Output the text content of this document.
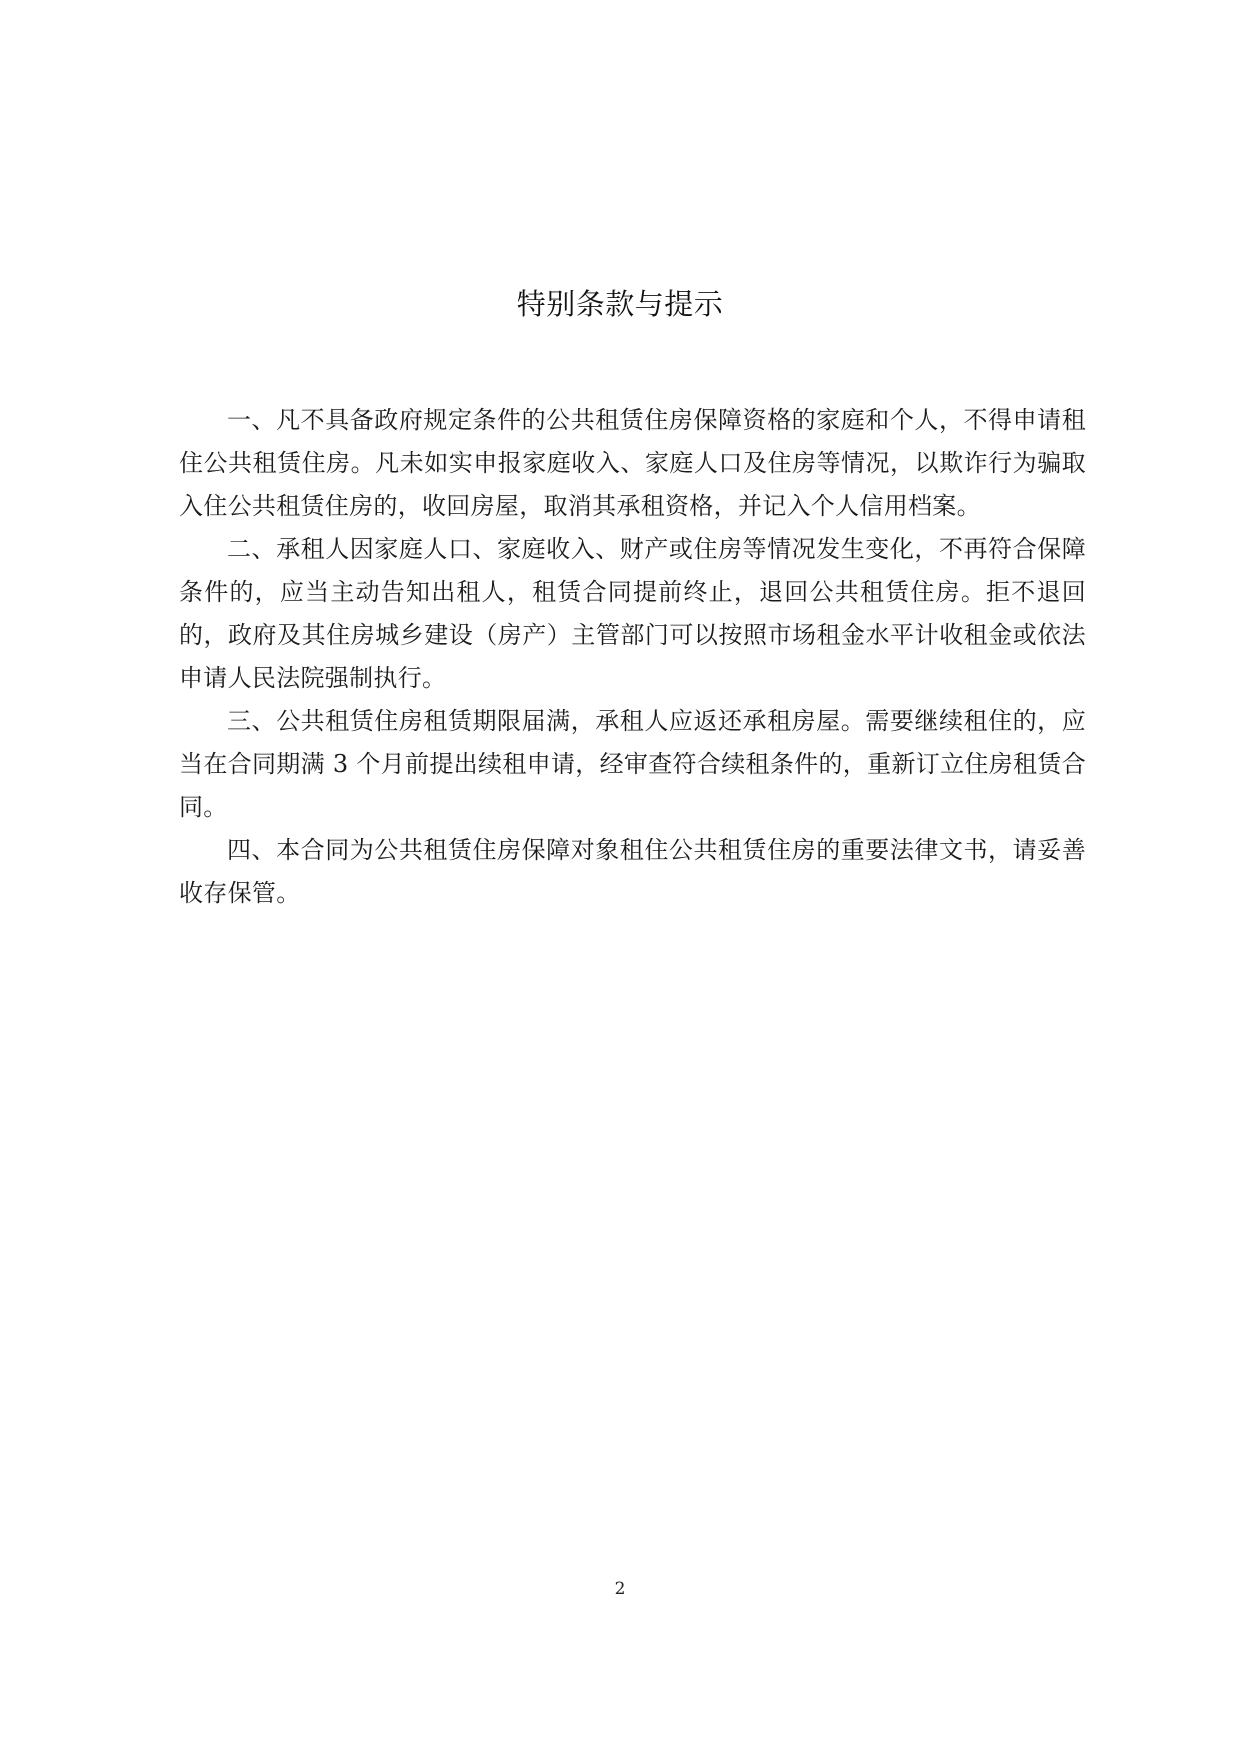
特别条款与提示

一、凡不具备政府规定条件的公共租赁住房保障资格的家庭和个人，不得申请租住公共租赁住房。凡未如实申报家庭收入、家庭人口及住房等情况，以欺诈行为骗取入住公共租赁住房的，收回房屋，取消其承租资格，并记入个人信用档案。

二、承租人因家庭人口、家庭收入、财产或住房等情况发生变化，不再符合保障条件的，应当主动告知出租人，租赁合同提前终止，退回公共租赁住房。拒不退回的，政府及其住房城乡建设（房产）主管部门可以按照市场租金水平计收租金或依法申请人民法院强制执行。

三、公共租赁住房租赁期限届满，承租人应返还承租房屋。需要继续租住的，应当在合同期满 3 个月前提出续租申请，经审查符合续租条件的，重新订立住房租赁合同。

四、本合同为公共租赁住房保障对象租住公共租赁住房的重要法律文书，请妥善收存保管。

2
